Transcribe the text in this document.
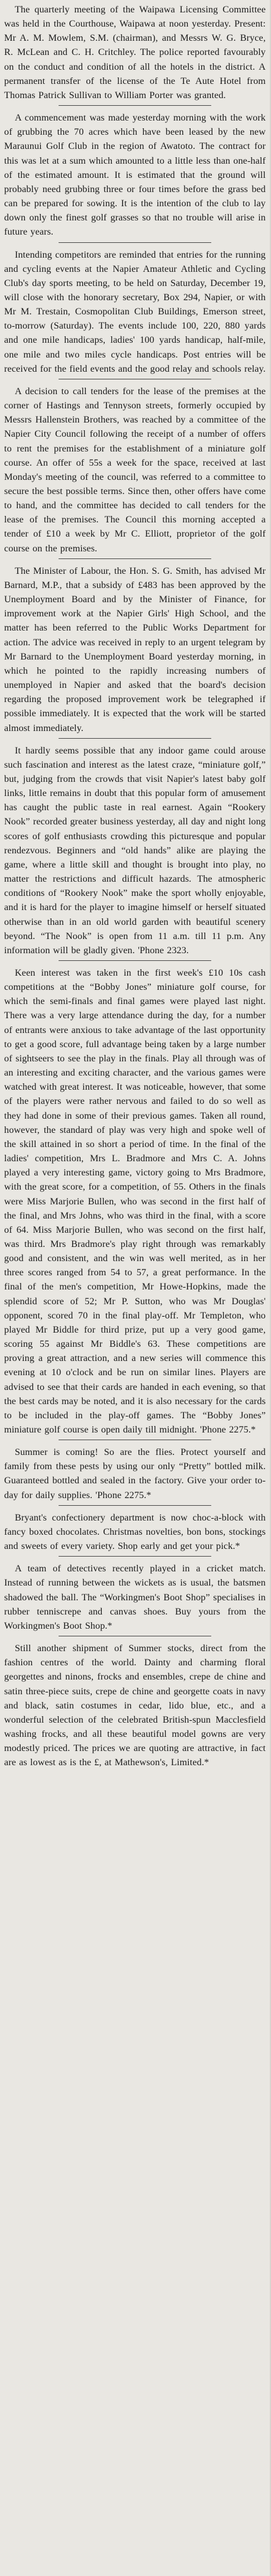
The quarterly meeting of the Waipawa Licensing Committee was held in the Courthouse, Waipawa at noon yesterday. Present: Mr A. M. Mowlem, S.M. (chairman), and Messrs W. G. Bryce, R. McLean and C. H. Critchley. The police reported favourably on the conduct and condition of all the hotels in the district. A permanent transfer of the license of the Te Aute Hotel from Thomas Patrick Sullivan to William Porter was granted.

A commencement was made yesterday morning with the work of grubbing the 70 acres which have been leased by the new Maraunui Golf Club in the region of Awatoto. The contract for this was let at a sum which amounted to a little less than one-half of the estimated amount. It is estimated that the ground will probably need grubbing three or four times before the grass bed can be prepared for sowing. It is the intention of the club to lay down only the finest golf grasses so that no trouble will arise in future years.

Intending competitors are reminded that entries for the running and cycling events at the Napier Amateur Athletic and Cycling Club's day sports meeting, to be held on Saturday, December 19, will close with the honorary secretary, Box 294, Napier, or with Mr M. Trestain, Cosmopolitan Club Buildings, Emerson street, to-morrow (Saturday). The events include 100, 220, 880 yards and one mile handicaps, ladies' 100 yards handicap, half-mile, one mile and two miles cycle handicaps. Post entries will be received for the field events and the good relay and schools relay.

A decision to call tenders for the lease of the premises at the corner of Hastings and Tennyson streets, formerly occupied by Messrs Hallenstein Brothers, was reached by a committee of the Napier City Council following the receipt of a number of offers to rent the premises for the establishment of a miniature golf course. An offer of 55s a week for the space, received at last Monday's meeting of the council, was referred to a committee to secure the best possible terms. Since then, other offers have come to hand, and the committee has decided to call tenders for the lease of the premises. The Council this morning accepted a tender of £10 a week by Mr C. Elliott, proprietor of the golf course on the premises.

The Minister of Labour, the Hon. S. G. Smith, has advised Mr Barnard, M.P., that a subsidy of £483 has been approved by the Unemployment Board and by the Minister of Finance, for improvement work at the Napier Girls' High School, and the matter has been referred to the Public Works Department for action. The advice was received in reply to an urgent telegram by Mr Barnard to the Unemployment Board yesterday morning, in which he pointed to the rapidly increasing numbers of unemployed in Napier and asked that the board's decision regarding the proposed improvement work be telegraphed if possible immediately. It is expected that the work will be started almost immediately.

It hardly seems possible that any indoor game could arouse such fascination and interest as the latest craze, “miniature golf,” but, judging from the crowds that visit Napier's latest baby golf links, little remains in doubt that this popular form of amusement has caught the public taste in real earnest. Again “Rookery Nook” recorded greater business yesterday, all day and night long scores of golf enthusiasts crowding this picturesque and popular rendezvous. Beginners and “old hands” alike are playing the game, where a little skill and thought is brought into play, no matter the restrictions and difficult hazards. The atmospheric conditions of “Rookery Nook” make the sport wholly enjoyable, and it is hard for the player to imagine himself or herself situated otherwise than in an old world garden with beautiful scenery beyond. “The Nook” is open from 11 a.m. till 11 p.m. Any information will be gladly given. 'Phone 2323.

Keen interest was taken in the first week's £10 10s cash competitions at the “Bobby Jones” miniature golf course, for which the semi-finals and final games were played last night. There was a very large attendance during the day, for a number of entrants were anxious to take advantage of the last opportunity to get a good score, full advantage being taken by a large number of sightseers to see the play in the finals. Play all through was of an interesting and exciting character, and the various games were watched with great interest. It was noticeable, however, that some of the players were rather nervous and failed to do so well as they had done in some of their previous games. Taken all round, however, the standard of play was very high and spoke well of the skill attained in so short a period of time. In the final of the ladies' competition, Mrs L. Bradmore and Mrs C. A. Johns played a very interesting game, victory going to Mrs Bradmore, with the great score, for a competition, of 55. Others in the finals were Miss Marjorie Bullen, who was second in the first half of the final, and Mrs Johns, who was third in the final, with a score of 64. Miss Marjorie Bullen, who was second on the first half, was third. Mrs Bradmore's play right through was remarkably good and consistent, and the win was well merited, as in her three scores ranged from 54 to 57, a great performance. In the final of the men's competition, Mr Howe-Hopkins, made the splendid score of 52; Mr P. Sutton, who was Mr Douglas' opponent, scored 70 in the final play-off. Mr Templeton, who played Mr Biddle for third prize, put up a very good game, scoring 55 against Mr Biddle's 63. These competitions are proving a great attraction, and a new series will commence this evening at 10 o'clock and be run on similar lines. Players are advised to see that their cards are handed in each evening, so that the best cards may be noted, and it is also necessary for the cards to be included in the play-off games. The “Bobby Jones” miniature golf course is open daily till midnight. 'Phone 2275.*

Summer is coming! So are the flies. Protect yourself and family from these pests by using our only “Pretty” bottled milk. Guaranteed bottled and sealed in the factory. Give your order to-day for daily supplies. 'Phone 2275.*

Bryant's confectionery department is now choc-a-block with fancy boxed chocolates. Christmas novelties, bon bons, stockings and sweets of every variety. Shop early and get your pick.*

A team of detectives recently played in a cricket match. Instead of running between the wickets as is usual, the batsmen shadowed the ball. The “Workingmen's Boot Shop” specialises in rubber tenniscrepe and canvas shoes. Buy yours from the Workingmen's Boot Shop.*

Still another shipment of Summer stocks, direct from the fashion centres of the world. Dainty and charming floral georgettes and ninons, frocks and ensembles, crepe de chine and satin three-piece suits, crepe de chine and georgette coats in navy and black, satin costumes in cedar, lido blue, etc., and a wonderful selection of the celebrated British-spun Macclesfield washing frocks, and all these beautiful model gowns are very modestly priced. The prices we are quoting are attractive, in fact are as lowest as is the £, at Mathewson's, Limited.*
